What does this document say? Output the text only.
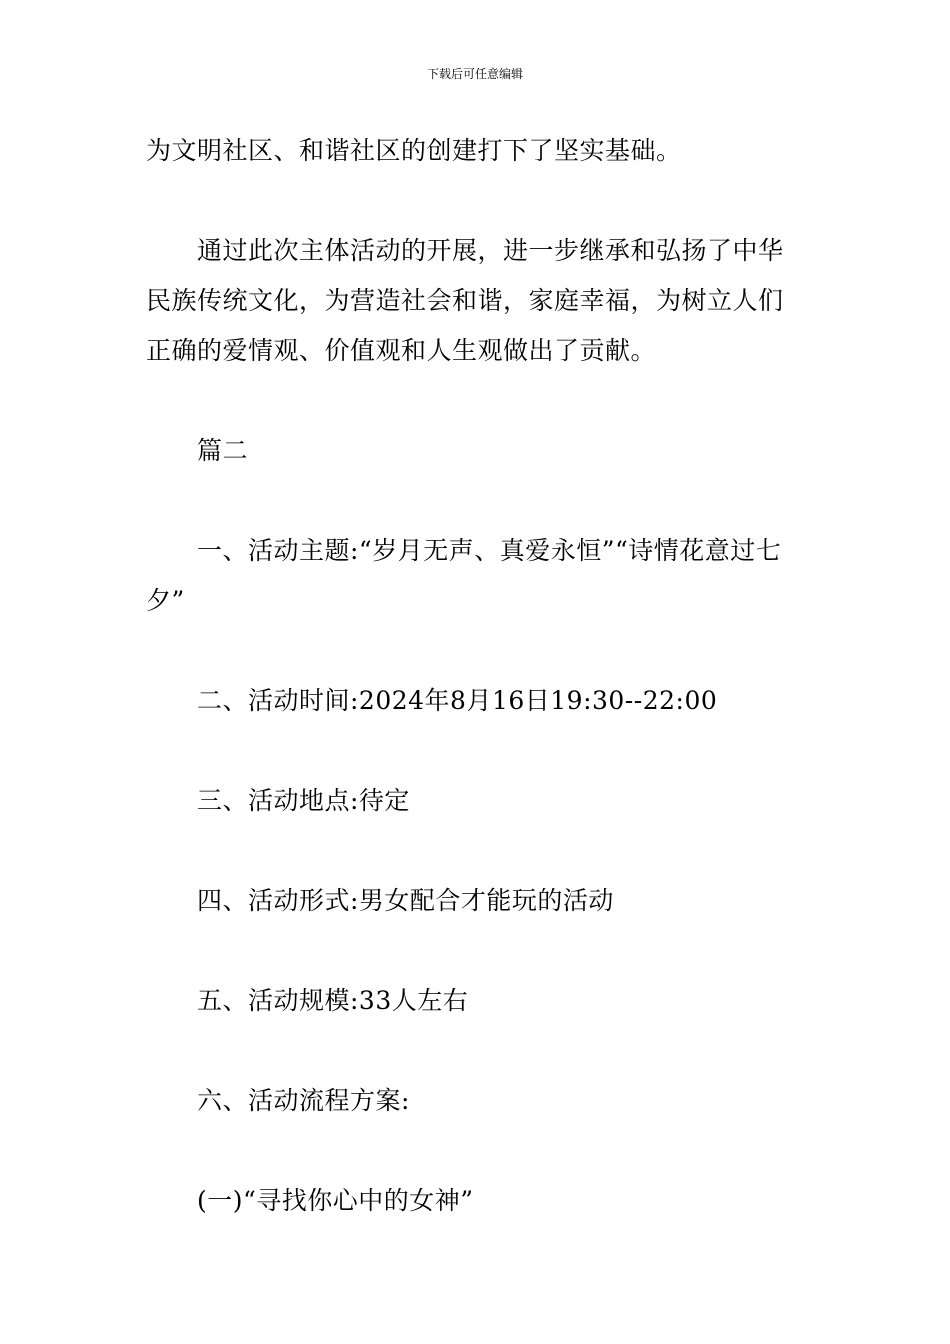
下载后可任意编辑

为文明社区、和谐社区的创建打下了坚实基础。

通过此次主体活动的开展，进一步继承和弘扬了中华民族传统文化，为营造社会和谐，家庭幸福，为树立人们正确的爱情观、价值观和人生观做出了贡献。

篇二

一、活动主题:“岁月无声、真爱永恒”“诗情花意过七夕”

二、活动时间:2024年8月16日19:30--22:00

三、活动地点:待定

四、活动形式:男女配合才能玩的活动

五、活动规模:33人左右

六、活动流程方案:

(一)“寻找你心中的女神”
